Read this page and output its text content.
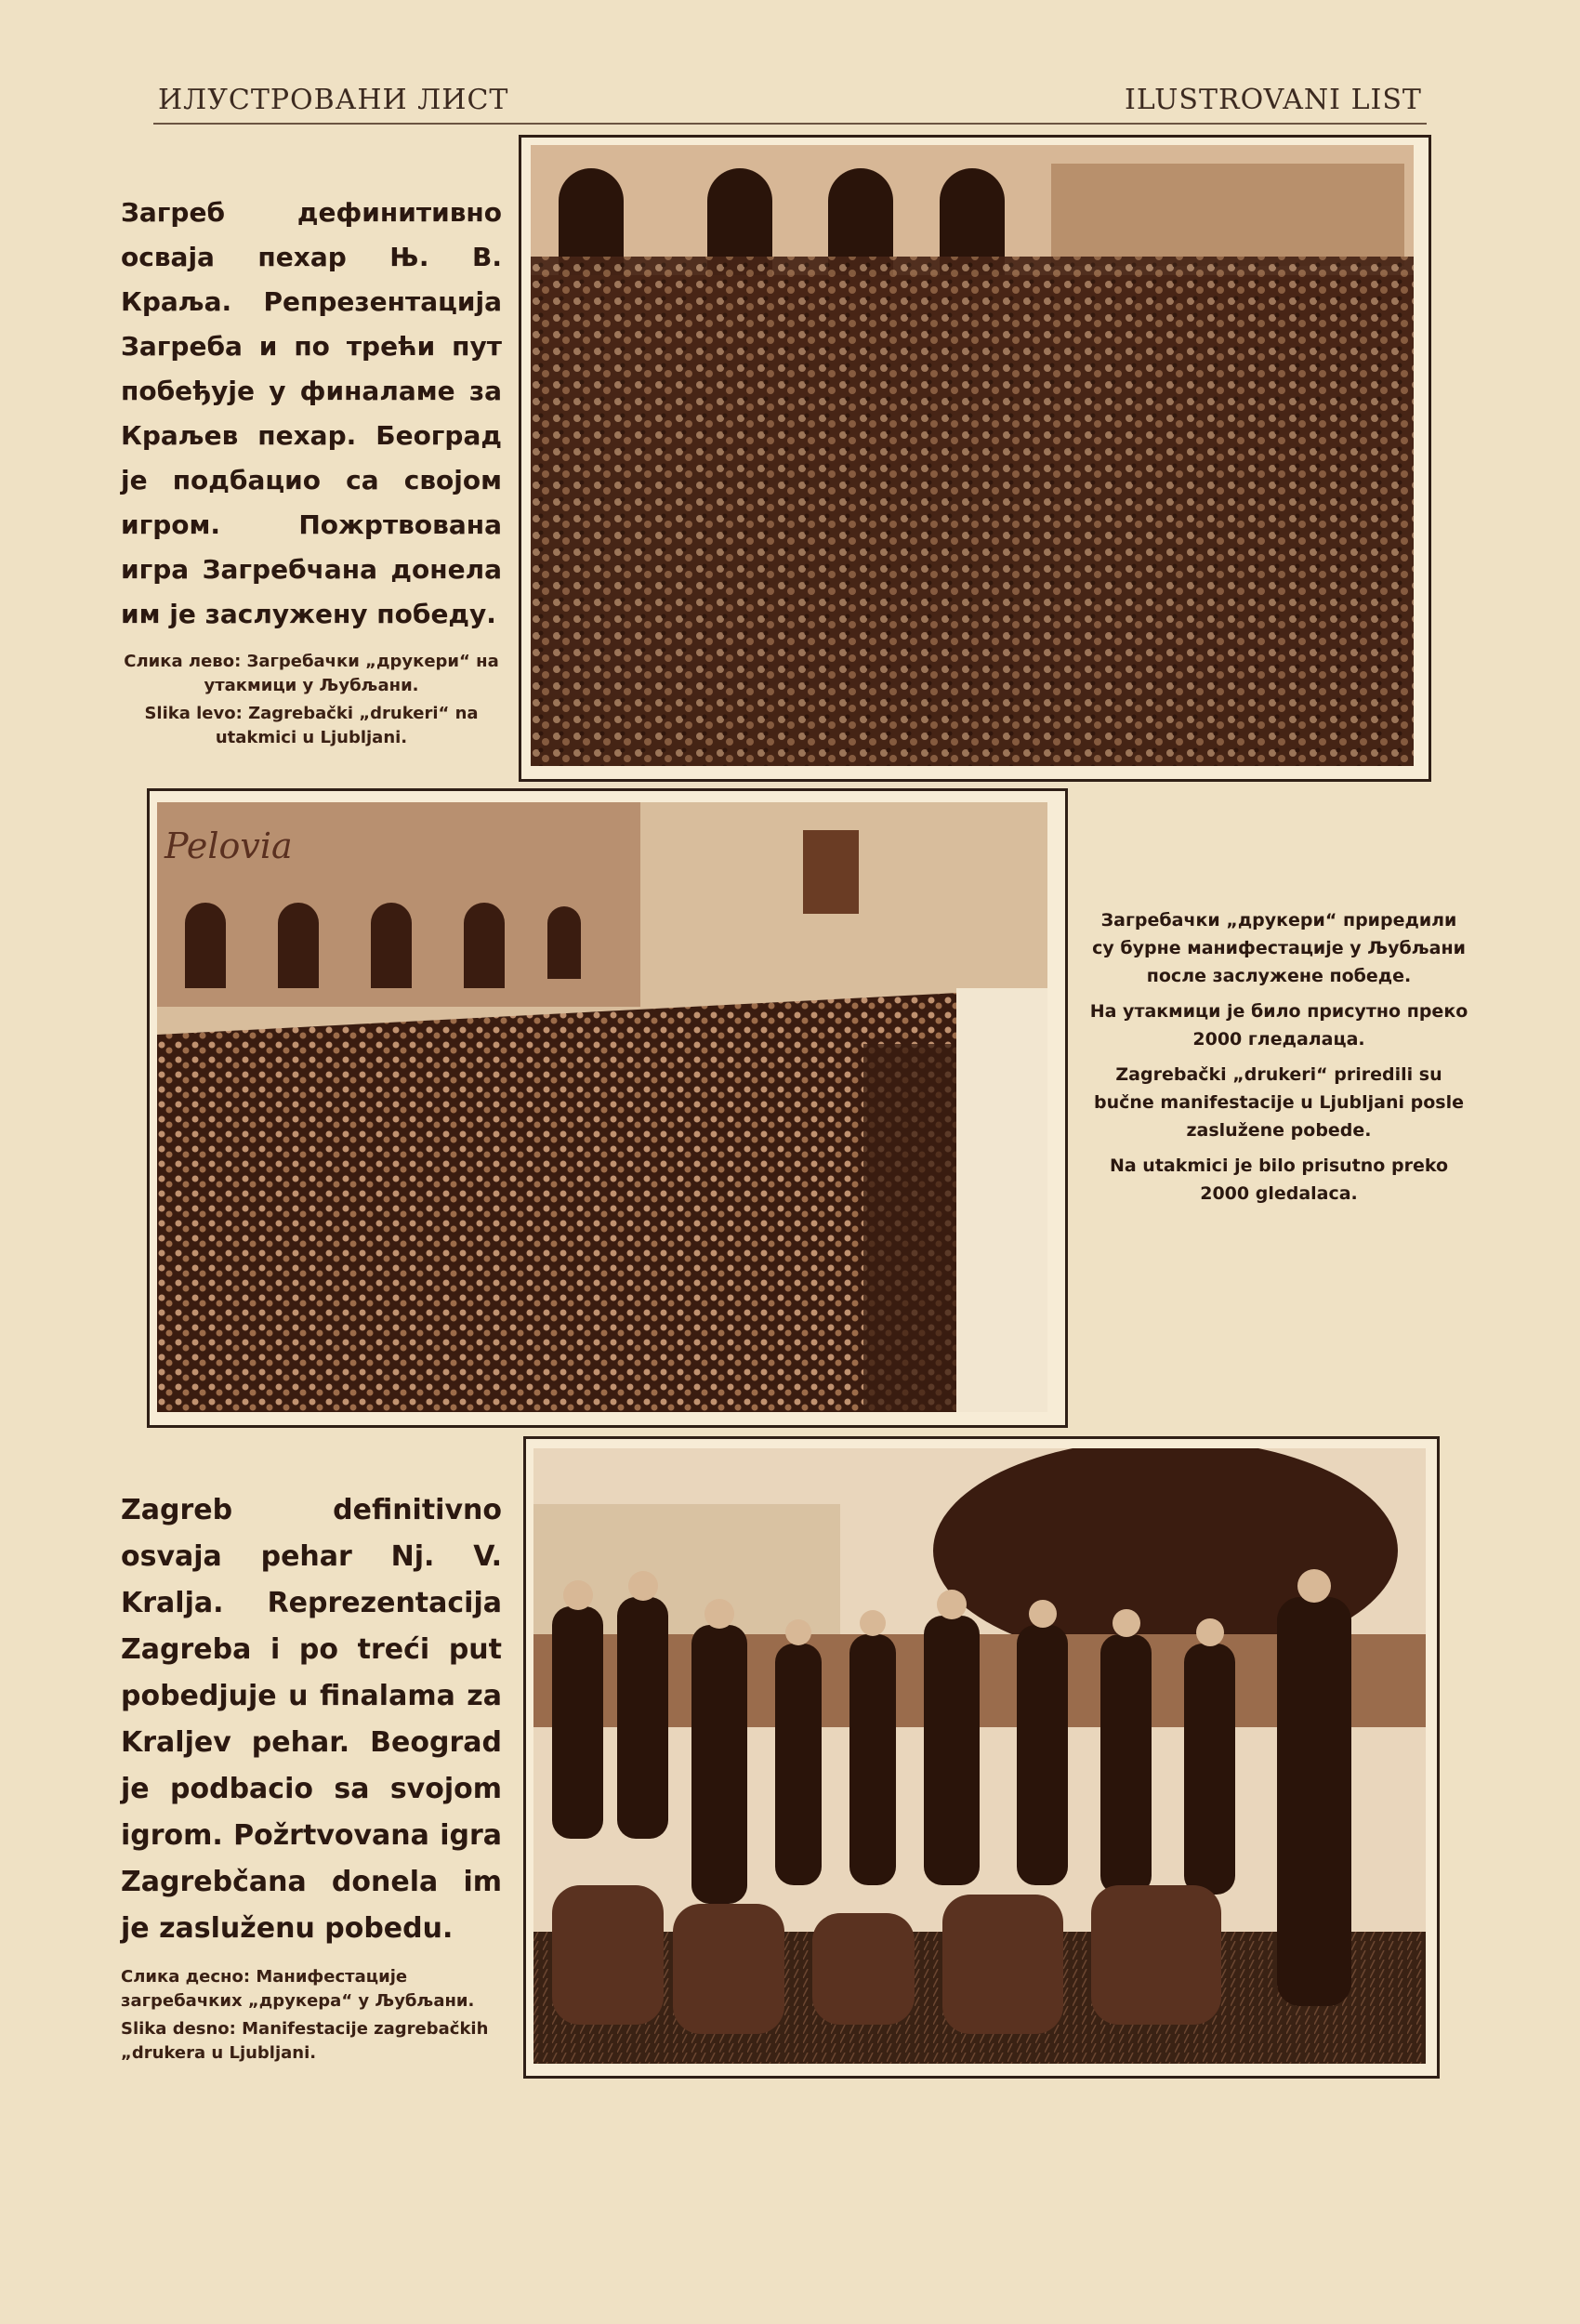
ИЛУСТРОВАНИ ЛИСТ	ILUSTROVANI LIST
Загреб дефинитивно осваја пехар Њ. В. Краља. Репрезентација Загреба и по трећи пут побеђује у финаламе за Краљев пехар. Београд је подбацио са својом игром. Пожртвована игра Загребчана донела им је заслужену победу.
Слика лево: Загребачки „друкери“ на утакмици у Љубљани.
Slika levo: Zagrebački „drukeri“ na utakmici u Ljubljani.
Pelovia

Загребачки „друкери“ приредили су бурне манифестације у Љубљани после заслужене победе.

На утакмици је било присутно преко 2000 гледалаца.

Zagrebački „drukeri“ priredili su bučne manifestacije u Ljubljani posle zaslužene pobede.

Na utakmici je bilo prisutno preko 2000 gledalaca.

Zagreb definitivno osvaja pehar Nj. V. Kralja. Reprezentacija Zagreba i po treći put pobedjuje u finalama za Kraljev pehar. Beograd je podbacio sa svojom igrom. Požrtvovana igra Zagrebčana donela im je zasluženu pobedu.
Слика десно: Манифестације загребачких „друкера“ у Љубљани.
Slika desno: Manifestacije zagrebačkih „drukera u Ljubljani.
